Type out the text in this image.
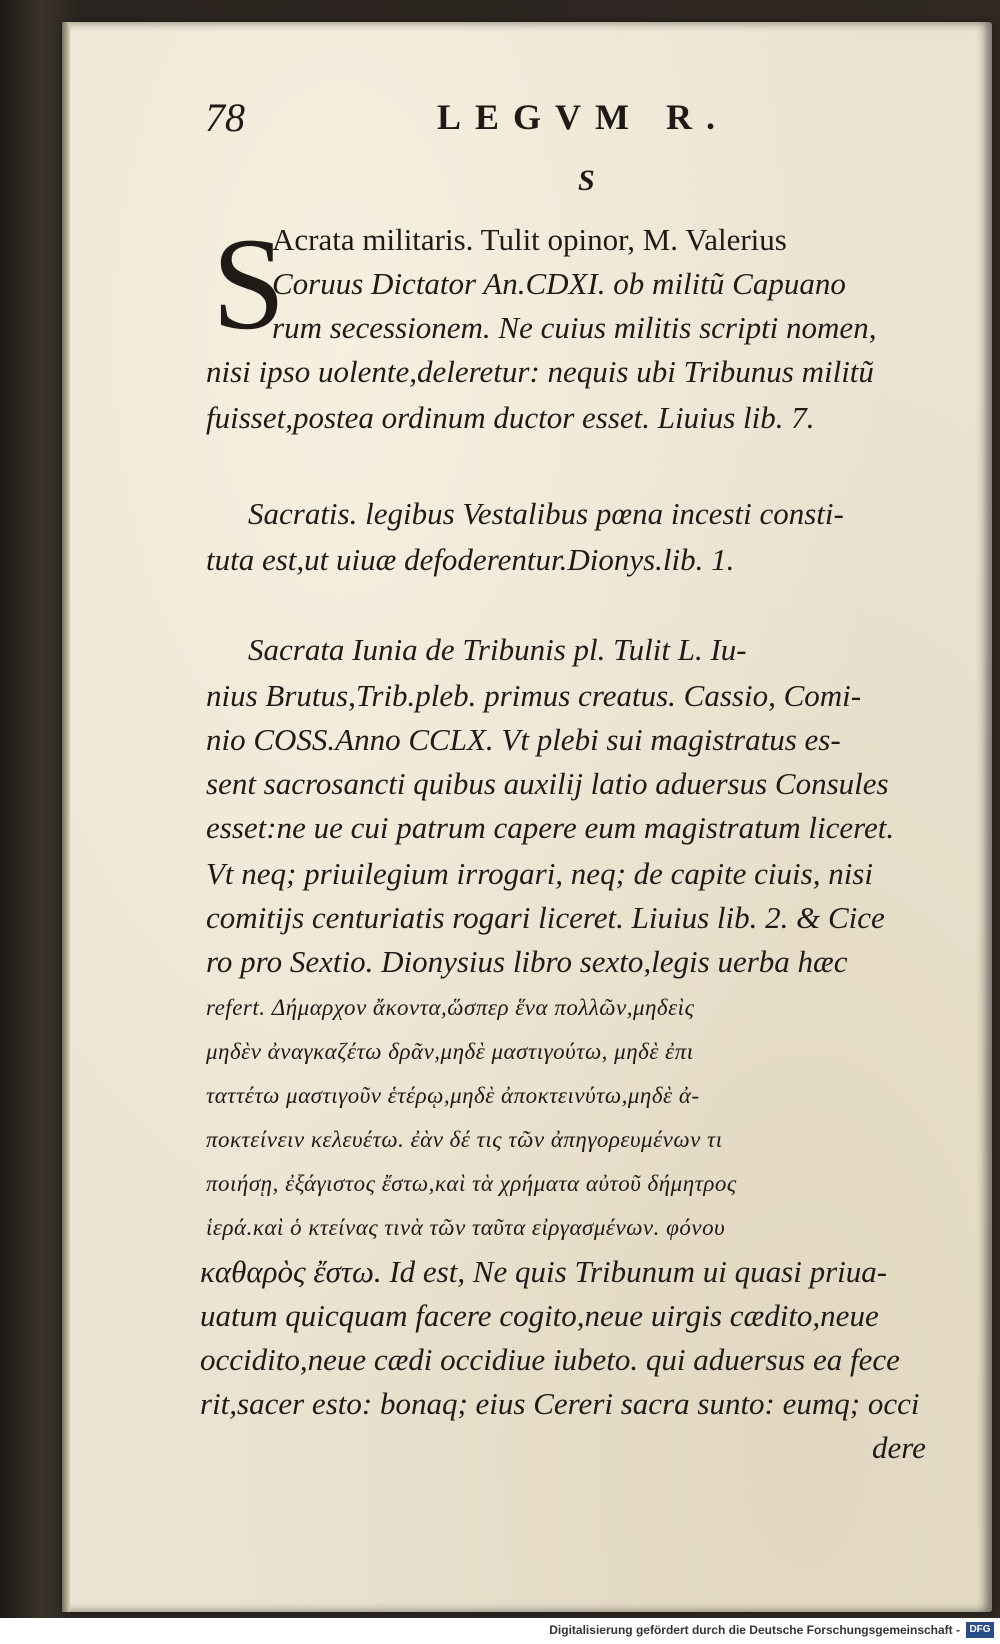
78	LEGVM R.
S
S
Acrata militaris. Tulit opinor, M. Valerius
Coruus Dictator An.CDXI. ob militũ Capuano
rum secessionem. Ne cuius militis scripti nomen,
nisi ipso uolente,deleretur: nequis ubi Tribunus militũ
fuisset,postea ordinum ductor esset. Liuius lib. 7.
Sacratis. legibus Vestalibus pœna incesti consti-
tuta est,ut uiuæ defoderentur.Dionys.lib. 1.
Sacrata Iunia de Tribunis pl. Tulit L. Iu-
nius Brutus,Trib.pleb. primus creatus. Cassio, Comi-
nio COSS.Anno CCLX. Vt plebi sui magistratus es-
sent sacrosancti quibus auxilij latio aduersus Consules
esset:ne ue cui patrum capere eum magistratum liceret.
Vt neq; priuilegium irrogari, neq; de capite ciuis, nisi
comitijs centuriatis rogari liceret. Liuius lib. 2. & Cice
ro pro Sextio. Dionysius libro sexto,legis uerba hæc
refert. Δήμαρχον ἄκοντα,ὥσπερ ἕνα πολλῶν,μηδεὶς
μηδὲν ἀναγκαζέτω δρᾶν,μηδὲ μαστιγούτω, μηδὲ ἐπι
ταττέτω μαστιγοῦν ἑτέρῳ,μηδὲ ἀποκτεινύτω,μηδὲ ἀ-
ποκτείνειν κελευέτω. ἐὰν δέ τις τῶν ἀπηγορευμένων τι
ποιήσῃ, ἐξάγιστος ἔστω,καὶ τὰ χρήματα αὐτοῦ δήμητρος
ἱερά.καὶ ὁ κτείνας τινὰ τῶν ταῦτα εἰργασμένων. φόνου
καθαρὸς ἔστω. Id est, Ne quis Tribunum ui quasi priua-
uatum quicquam facere cogito,neue uirgis cædito,neue
occidito,neue cædi occidiue iubeto. qui aduersus ea fece
rit,sacer esto: bonaq; eius Cereri sacra sunto: eumq; occi
dere
Digitalisierung gefördert durch die Deutsche Forschungsgemeinschaft - DFG
